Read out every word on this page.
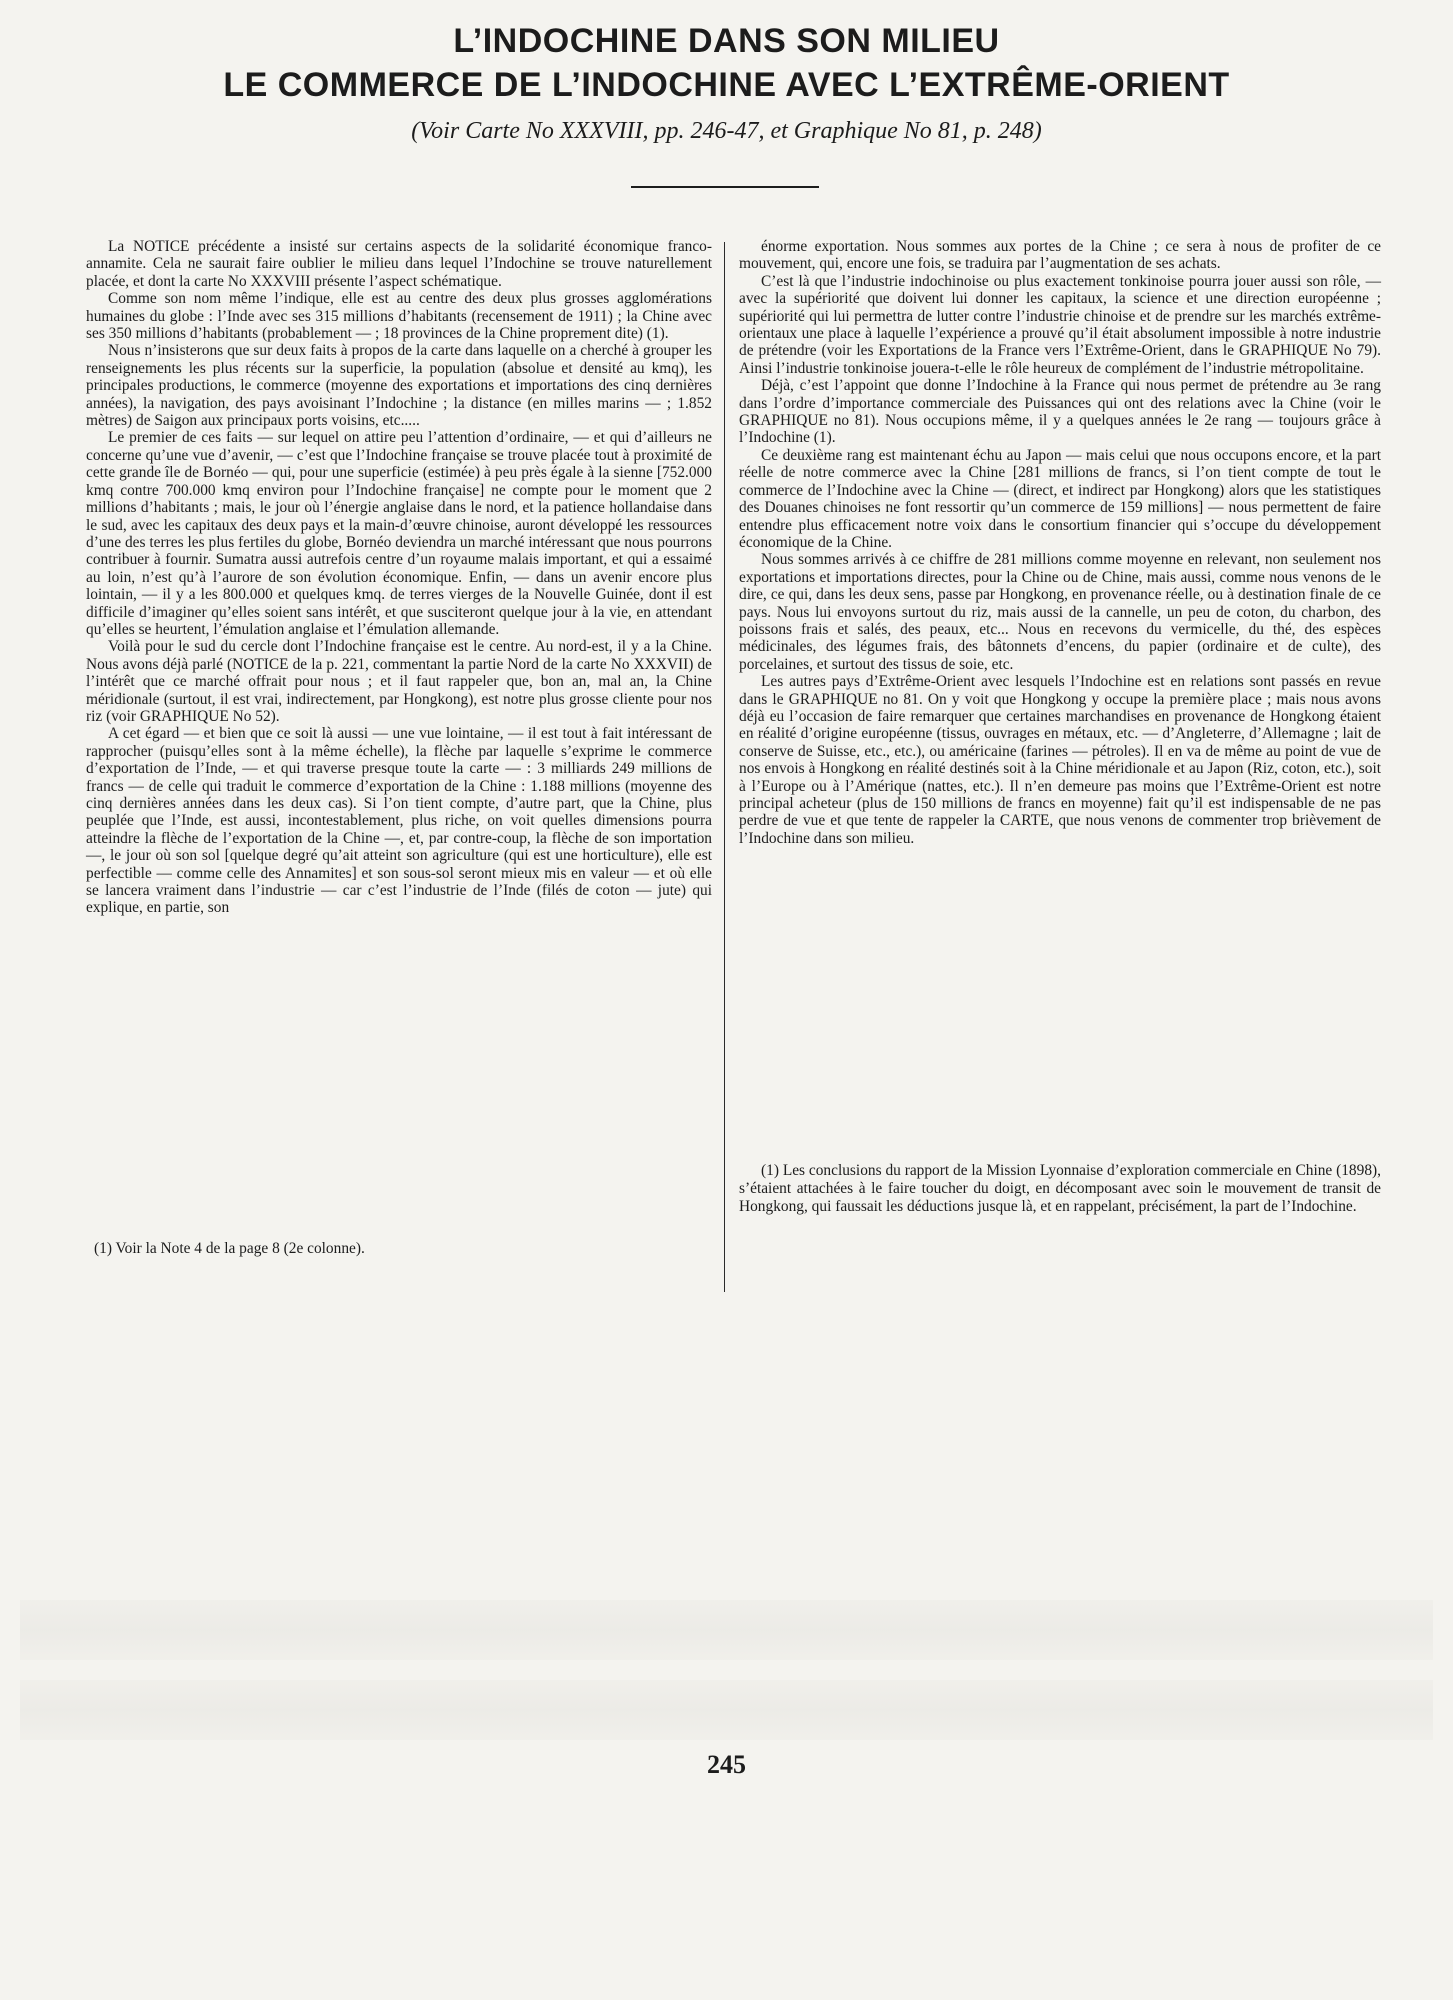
L’INDOCHINE DANS SON MILIEU
LE COMMERCE DE L’INDOCHINE AVEC L’EXTRÊME-ORIENT

(Voir Carte No XXXVIII, pp. 246-47, et Graphique No 81, p. 248)

La NOTICE précédente a insisté sur certains aspects de la solidarité économique franco-annamite. Cela ne saurait faire oublier le milieu dans lequel l’Indochine se trouve naturellement placée, et dont la carte No XXXVIII présente l’aspect schématique.

Comme son nom même l’indique, elle est au centre des deux plus grosses agglomérations humaines du globe : l’Inde avec ses 315 millions d’habitants (recensement de 1911) ; la Chine avec ses 350 millions d’habitants (probablement — ; 18 provinces de la Chine proprement dite) (1).

Nous n’insisterons que sur deux faits à propos de la carte dans laquelle on a cherché à grouper les renseignements les plus récents sur la superficie, la population (absolue et densité au kmq), les principales productions, le commerce (moyenne des exportations et importations des cinq dernières années), la navigation, des pays avoisinant l’Indochine ; la distance (en milles marins — ; 1.852 mètres) de Saigon aux principaux ports voisins, etc.....

Le premier de ces faits — sur lequel on attire peu l’attention d’ordinaire, — et qui d’ailleurs ne concerne qu’une vue d’avenir, — c’est que l’Indochine française se trouve placée tout à proximité de cette grande île de Bornéo — qui, pour une superficie (estimée) à peu près égale à la sienne [752.000 kmq contre 700.000 kmq environ pour l’Indochine française] ne compte pour le moment que 2 millions d’habitants ; mais, le jour où l’énergie anglaise dans le nord, et la patience hollandaise dans le sud, avec les capitaux des deux pays et la main-d’œuvre chinoise, auront développé les ressources d’une des terres les plus fertiles du globe, Bornéo deviendra un marché intéressant que nous pourrons contribuer à fournir. Sumatra aussi autrefois centre d’un royaume malais important, et qui a essaimé au loin, n’est qu’à l’aurore de son évolution économique. Enfin, — dans un avenir encore plus lointain, — il y a les 800.000 et quelques kmq. de terres vierges de la Nouvelle Guinée, dont il est difficile d’imaginer qu’elles soient sans intérêt, et que susciteront quelque jour à la vie, en attendant qu’elles se heurtent, l’émulation anglaise et l’émulation allemande.

Voilà pour le sud du cercle dont l’Indochine française est le centre. Au nord-est, il y a la Chine. Nous avons déjà parlé (NOTICE de la p. 221, commentant la partie Nord de la carte No XXXVII) de l’intérêt que ce marché offrait pour nous ; et il faut rappeler que, bon an, mal an, la Chine méridionale (surtout, il est vrai, indirectement, par Hongkong), est notre plus grosse cliente pour nos riz (voir GRAPHIQUE No 52).

A cet égard — et bien que ce soit là aussi — une vue lointaine, — il est tout à fait intéressant de rapprocher (puisqu’elles sont à la même échelle), la flèche par laquelle s’exprime le commerce d’exportation de l’Inde, — et qui traverse presque toute la carte — : 3 milliards 249 millions de francs — de celle qui traduit le commerce d’exportation de la Chine : 1.188 millions (moyenne des cinq dernières années dans les deux cas). Si l’on tient compte, d’autre part, que la Chine, plus peuplée que l’Inde, est aussi, incontestablement, plus riche, on voit quelles dimensions pourra atteindre la flèche de l’exportation de la Chine —, et, par contre-coup, la flèche de son importation —, le jour où son sol [quelque degré qu’ait atteint son agriculture (qui est une horticulture), elle est perfectible — comme celle des Annamites] et son sous-sol seront mieux mis en valeur — et où elle se lancera vraiment dans l’industrie — car c’est l’industrie de l’Inde (filés de coton — jute) qui explique, en partie, son

énorme exportation. Nous sommes aux portes de la Chine ; ce sera à nous de profiter de ce mouvement, qui, encore une fois, se traduira par l’augmentation de ses achats.

C’est là que l’industrie indochinoise ou plus exactement tonkinoise pourra jouer aussi son rôle, — avec la supériorité que doivent lui donner les capitaux, la science et une direction européenne ; supériorité qui lui permettra de lutter contre l’industrie chinoise et de prendre sur les marchés extrême-orientaux une place à laquelle l’expérience a prouvé qu’il était absolument impossible à notre industrie de prétendre (voir les Exportations de la France vers l’Extrême-Orient, dans le GRAPHIQUE No 79). Ainsi l’industrie tonkinoise jouera-t-elle le rôle heureux de complément de l’industrie métropolitaine.

Déjà, c’est l’appoint que donne l’Indochine à la France qui nous permet de prétendre au 3e rang dans l’ordre d’importance commerciale des Puissances qui ont des relations avec la Chine (voir le GRAPHIQUE no 81). Nous occupions même, il y a quelques années le 2e rang — toujours grâce à l’Indochine (1).

Ce deuxième rang est maintenant échu au Japon — mais celui que nous occupons encore, et la part réelle de notre commerce avec la Chine [281 millions de francs, si l’on tient compte de tout le commerce de l’Indochine avec la Chine — (direct, et indirect par Hongkong) alors que les statistiques des Douanes chinoises ne font ressortir qu’un commerce de 159 millions] — nous permettent de faire entendre plus efficacement notre voix dans le consortium financier qui s’occupe du développement économique de la Chine.

Nous sommes arrivés à ce chiffre de 281 millions comme moyenne en relevant, non seulement nos exportations et importations directes, pour la Chine ou de Chine, mais aussi, comme nous venons de le dire, ce qui, dans les deux sens, passe par Hongkong, en provenance réelle, ou à destination finale de ce pays. Nous lui envoyons surtout du riz, mais aussi de la cannelle, un peu de coton, du charbon, des poissons frais et salés, des peaux, etc... Nous en recevons du vermicelle, du thé, des espèces médicinales, des légumes frais, des bâtonnets d’encens, du papier (ordinaire et de culte), des porcelaines, et surtout des tissus de soie, etc.

Les autres pays d’Extrême-Orient avec lesquels l’Indochine est en relations sont passés en revue dans le GRAPHIQUE no 81. On y voit que Hongkong y occupe la première place ; mais nous avons déjà eu l’occasion de faire remarquer que certaines marchandises en provenance de Hongkong étaient en réalité d’origine européenne (tissus, ouvrages en métaux, etc. — d’Angleterre, d’Allemagne ; lait de conserve de Suisse, etc., etc.), ou américaine (farines — pétroles). Il en va de même au point de vue de nos envois à Hongkong en réalité destinés soit à la Chine méridionale et au Japon (Riz, coton, etc.), soit à l’Europe ou à l’Amérique (nattes, etc.). Il n’en demeure pas moins que l’Extrême-Orient est notre principal acheteur (plus de 150 millions de francs en moyenne) fait qu’il est indispensable de ne pas perdre de vue et que tente de rappeler la CARTE, que nous venons de commenter trop brièvement de l’Indochine dans son milieu.

(1) Voir la Note 4 de la page 8 (2e colonne).

(1) Les conclusions du rapport de la Mission Lyonnaise d’exploration commerciale en Chine (1898), s’étaient attachées à le faire toucher du doigt, en décomposant avec soin le mouvement de transit de Hongkong, qui faussait les déductions jusque là, et en rappelant, précisément, la part de l’Indochine.

245
